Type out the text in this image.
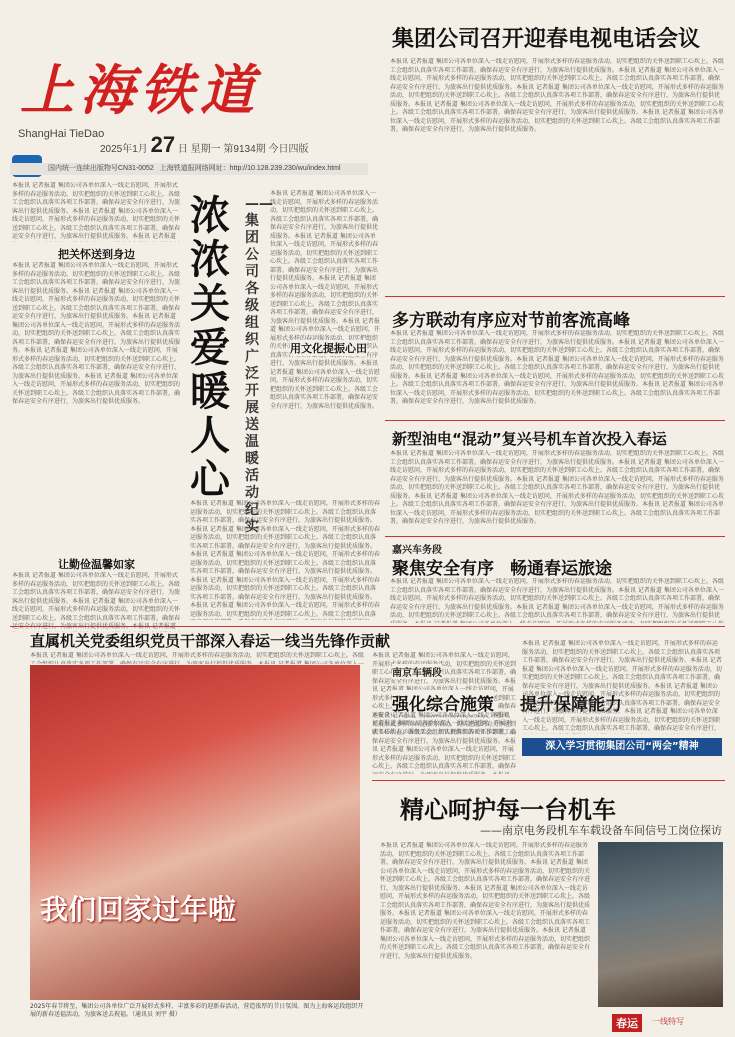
上海铁道
ShangHai TieDao
2025年1月 27 日 星期一 第9134期 今日四版
国内统一连续出版物号CN31-0052 上海铁道报网络网址：http://10.128.239.230/wu/index.html
集团公司召开迎春电视电话会议
本报讯 记者报道 集团公司各单位深入一线走访慰问，开展形式多样的春运服务活动，切实把组织的关怀送到职工心坎上。各级工会组织认真落实各项工作部署，确保春运安全有序进行，为旅客出行提供优质服务。本报讯 记者报道 集团公司各单位深入一线走访慰问，开展形式多样的春运服务活动，切实把组织的关怀送到职工心坎上。各级工会组织认真落实各项工作部署，确保春运安全有序进行，为旅客出行提供优质服务。本报讯 记者报道 集团公司各单位深入一线走访慰问，开展形式多样的春运服务活动，切实把组织的关怀送到职工心坎上。各级工会组织认真落实各项工作部署，确保春运安全有序进行，为旅客出行提供优质服务。本报讯 记者报道 集团公司各单位深入一线走访慰问，开展形式多样的春运服务活动，切实把组织的关怀送到职工心坎上。各级工会组织认真落实各项工作部署，确保春运安全有序进行，为旅客出行提供优质服务。本报讯 记者报道 集团公司各单位深入一线走访慰问，开展形式多样的春运服务活动，切实把组织的关怀送到职工心坎上。各级工会组织认真落实各项工作部署，确保春运安全有序进行，为旅客出行提供优质服务。
本报讯 记者报道 集团公司各单位深入一线走访慰问，开展形式多样的春运服务活动，切实把组织的关怀送到职工心坎上。各级工会组织认真落实各项工作部署，确保春运安全有序进行，为旅客出行提供优质服务。本报讯 记者报道 集团公司各单位深入一线走访慰问，开展形式多样的春运服务活动，切实把组织的关怀送到职工心坎上。各级工会组织认真落实各项工作部署，确保春运安全有序进行，为旅客出行提供优质服务。本报讯 记者报道 集团公司各单位深入一线走访慰问，开展形式多样的春运服务活动，切实把组织的关怀送到职工心坎上。各级工会组织认真落实各项工作部署，确保春运安全有序进行，为旅客出行提供优质服务。本报讯 记者报道 集团公司各单位深入一线走访慰问，开展形式多样的春运服务活动，切实把组织的关怀送到职工心坎上。各级工会组织认真落实各项工作部署，确保春运安全有序进行，为旅客出行提供优质服务。本报讯 记者报道 集团公司各单位深入一线走访慰问，开展形式多样的春运服务活动，切实把组织的关怀送到职工心坎上。各级工会组织认真落实各项工作部署，确保春运安全有序进行，为旅客出行提供优质服务。
把关怀送到身边
本报讯 记者报道 集团公司各单位深入一线走访慰问，开展形式多样的春运服务活动，切实把组织的关怀送到职工心坎上。各级工会组织认真落实各项工作部署，确保春运安全有序进行，为旅客出行提供优质服务。本报讯 记者报道 集团公司各单位深入一线走访慰问，开展形式多样的春运服务活动，切实把组织的关怀送到职工心坎上。各级工会组织认真落实各项工作部署，确保春运安全有序进行，为旅客出行提供优质服务。本报讯 记者报道 集团公司各单位深入一线走访慰问，开展形式多样的春运服务活动，切实把组织的关怀送到职工心坎上。各级工会组织认真落实各项工作部署，确保春运安全有序进行，为旅客出行提供优质服务。本报讯 记者报道 集团公司各单位深入一线走访慰问，开展形式多样的春运服务活动，切实把组织的关怀送到职工心坎上。各级工会组织认真落实各项工作部署，确保春运安全有序进行，为旅客出行提供优质服务。本报讯 记者报道 集团公司各单位深入一线走访慰问，开展形式多样的春运服务活动，切实把组织的关怀送到职工心坎上。各级工会组织认真落实各项工作部署，确保春运安全有序进行，为旅客出行提供优质服务。
让勤俭温馨如家
本报讯 记者报道 集团公司各单位深入一线走访慰问，开展形式多样的春运服务活动，切实把组织的关怀送到职工心坎上。各级工会组织认真落实各项工作部署，确保春运安全有序进行，为旅客出行提供优质服务。本报讯 记者报道 集团公司各单位深入一线走访慰问，开展形式多样的春运服务活动，切实把组织的关怀送到职工心坎上。各级工会组织认真落实各项工作部署，确保春运安全有序进行，为旅客出行提供优质服务。本报讯 记者报道 集团公司各单位深入一线走访慰问，开展形式多样的春运服务活动，切实把组织的关怀送到职工心坎上。各级工会组织认真落实各项工作部署，确保春运安全有序进行，为旅客出行提供优质服务。本报讯 记者报道 集团公司各单位深入一线走访慰问，开展形式多样的春运服务活动，切实把组织的关怀送到职工心坎上。各级工会组织认真落实各项工作部署，确保春运安全有序进行，为旅客出行提供优质服务。本报讯 记者报道 集团公司各单位深入一线走访慰问，开展形式多样的春运服务活动，切实把组织的关怀送到职工心坎上。各级工会组织认真落实各项工作部署，确保春运安全有序进行，为旅客出行提供优质服务。
浓浓关爱暖人心
——集团公司各级组织广泛开展送温暖活动纪实
本报讯 记者报道 集团公司各单位深入一线走访慰问，开展形式多样的春运服务活动，切实把组织的关怀送到职工心坎上。各级工会组织认真落实各项工作部署，确保春运安全有序进行，为旅客出行提供优质服务。本报讯 记者报道 集团公司各单位深入一线走访慰问，开展形式多样的春运服务活动，切实把组织的关怀送到职工心坎上。各级工会组织认真落实各项工作部署，确保春运安全有序进行，为旅客出行提供优质服务。本报讯 记者报道 集团公司各单位深入一线走访慰问，开展形式多样的春运服务活动，切实把组织的关怀送到职工心坎上。各级工会组织认真落实各项工作部署，确保春运安全有序进行，为旅客出行提供优质服务。本报讯 记者报道 集团公司各单位深入一线走访慰问，开展形式多样的春运服务活动，切实把组织的关怀送到职工心坎上。各级工会组织认真落实各项工作部署，确保春运安全有序进行，为旅客出行提供优质服务。本报讯 记者报道 集团公司各单位深入一线走访慰问，开展形式多样的春运服务活动，切实把组织的关怀送到职工心坎上。各级工会组织认真落实各项工作部署，确保春运安全有序进行，为旅客出行提供优质服务。
用文化提振心田
本报讯 记者报道 集团公司各单位深入一线走访慰问，开展形式多样的春运服务活动，切实把组织的关怀送到职工心坎上。各级工会组织认真落实各项工作部署，确保春运安全有序进行，为旅客出行提供优质服务。本报讯 记者报道 集团公司各单位深入一线走访慰问，开展形式多样的春运服务活动，切实把组织的关怀送到职工心坎上。各级工会组织认真落实各项工作部署，确保春运安全有序进行，为旅客出行提供优质服务。本报讯 记者报道 集团公司各单位深入一线走访慰问，开展形式多样的春运服务活动，切实把组织的关怀送到职工心坎上。各级工会组织认真落实各项工作部署，确保春运安全有序进行，为旅客出行提供优质服务。本报讯 记者报道 集团公司各单位深入一线走访慰问，开展形式多样的春运服务活动，切实把组织的关怀送到职工心坎上。各级工会组织认真落实各项工作部署，确保春运安全有序进行，为旅客出行提供优质服务。本报讯 记者报道 集团公司各单位深入一线走访慰问，开展形式多样的春运服务活动，切实把组织的关怀送到职工心坎上。各级工会组织认真落实各项工作部署，确保春运安全有序进行，为旅客出行提供优质服务。
多方联动有序应对节前客流高峰
本报讯 记者报道 集团公司各单位深入一线走访慰问，开展形式多样的春运服务活动，切实把组织的关怀送到职工心坎上。各级工会组织认真落实各项工作部署，确保春运安全有序进行，为旅客出行提供优质服务。本报讯 记者报道 集团公司各单位深入一线走访慰问，开展形式多样的春运服务活动，切实把组织的关怀送到职工心坎上。各级工会组织认真落实各项工作部署，确保春运安全有序进行，为旅客出行提供优质服务。本报讯 记者报道 集团公司各单位深入一线走访慰问，开展形式多样的春运服务活动，切实把组织的关怀送到职工心坎上。各级工会组织认真落实各项工作部署，确保春运安全有序进行，为旅客出行提供优质服务。本报讯 记者报道 集团公司各单位深入一线走访慰问，开展形式多样的春运服务活动，切实把组织的关怀送到职工心坎上。各级工会组织认真落实各项工作部署，确保春运安全有序进行，为旅客出行提供优质服务。本报讯 记者报道 集团公司各单位深入一线走访慰问，开展形式多样的春运服务活动，切实把组织的关怀送到职工心坎上。各级工会组织认真落实各项工作部署，确保春运安全有序进行，为旅客出行提供优质服务。
新型油电“混动”复兴号机车首次投入春运
本报讯 记者报道 集团公司各单位深入一线走访慰问，开展形式多样的春运服务活动，切实把组织的关怀送到职工心坎上。各级工会组织认真落实各项工作部署，确保春运安全有序进行，为旅客出行提供优质服务。本报讯 记者报道 集团公司各单位深入一线走访慰问，开展形式多样的春运服务活动，切实把组织的关怀送到职工心坎上。各级工会组织认真落实各项工作部署，确保春运安全有序进行，为旅客出行提供优质服务。本报讯 记者报道 集团公司各单位深入一线走访慰问，开展形式多样的春运服务活动，切实把组织的关怀送到职工心坎上。各级工会组织认真落实各项工作部署，确保春运安全有序进行，为旅客出行提供优质服务。本报讯 记者报道 集团公司各单位深入一线走访慰问，开展形式多样的春运服务活动，切实把组织的关怀送到职工心坎上。各级工会组织认真落实各项工作部署，确保春运安全有序进行，为旅客出行提供优质服务。本报讯 记者报道 集团公司各单位深入一线走访慰问，开展形式多样的春运服务活动，切实把组织的关怀送到职工心坎上。各级工会组织认真落实各项工作部署，确保春运安全有序进行，为旅客出行提供优质服务。
嘉兴车务段
聚焦安全有序 畅通春运旅途
本报讯 记者报道 集团公司各单位深入一线走访慰问，开展形式多样的春运服务活动，切实把组织的关怀送到职工心坎上。各级工会组织认真落实各项工作部署，确保春运安全有序进行，为旅客出行提供优质服务。本报讯 记者报道 集团公司各单位深入一线走访慰问，开展形式多样的春运服务活动，切实把组织的关怀送到职工心坎上。各级工会组织认真落实各项工作部署，确保春运安全有序进行，为旅客出行提供优质服务。本报讯 记者报道 集团公司各单位深入一线走访慰问，开展形式多样的春运服务活动，切实把组织的关怀送到职工心坎上。各级工会组织认真落实各项工作部署，确保春运安全有序进行，为旅客出行提供优质服务。本报讯 记者报道 集团公司各单位深入一线走访慰问，开展形式多样的春运服务活动，切实把组织的关怀送到职工心坎上。各级工会组织认真落实各项工作部署，确保春运安全有序进行，为旅客出行提供优质服务。本报讯 记者报道 集团公司各单位深入一线走访慰问，开展形式多样的春运服务活动，切实把组织的关怀送到职工心坎上。各级工会组织认真落实各项工作部署，确保春运安全有序进行，为旅客出行提供优质服务。
直属机关党委组织党员干部深入春运一线当先锋作贡献
本报讯 记者报道 集团公司各单位深入一线走访慰问，开展形式多样的春运服务活动，切实把组织的关怀送到职工心坎上。各级工会组织认真落实各项工作部署，确保春运安全有序进行，为旅客出行提供优质服务。本报讯 记者报道 集团公司各单位深入一线走访慰问，开展形式多样的春运服务活动，切实把组织的关怀送到职工心坎上。各级工会组织认真落实各项工作部署，确保春运安全有序进行，为旅客出行提供优质服务。本报讯 记者报道 集团公司各单位深入一线走访慰问，开展形式多样的春运服务活动，切实把组织的关怀送到职工心坎上。各级工会组织认真落实各项工作部署，确保春运安全有序进行，为旅客出行提供优质服务。本报讯 记者报道 集团公司各单位深入一线走访慰问，开展形式多样的春运服务活动，切实把组织的关怀送到职工心坎上。各级工会组织认真落实各项工作部署，确保春运安全有序进行，为旅客出行提供优质服务。本报讯 记者报道 集团公司各单位深入一线走访慰问，开展形式多样的春运服务活动，切实把组织的关怀送到职工心坎上。各级工会组织认真落实各项工作部署，确保春运安全有序进行，为旅客出行提供优质服务。
我们回家过年啦
2025年春节将至，集团公司各单位广泛开展形式多样、丰富多彩的迎新春活动，营造浓厚的节日氛围。图为上海客运段组织开展的新春送福活动，为旅客送去祝福。（通讯员 刘宇 摄）
本报讯 记者报道 集团公司各单位深入一线走访慰问，开展形式多样的春运服务活动，切实把组织的关怀送到职工心坎上。各级工会组织认真落实各项工作部署，确保春运安全有序进行，为旅客出行提供优质服务。本报讯 记者报道 集团公司各单位深入一线走访慰问，开展形式多样的春运服务活动，切实把组织的关怀送到职工心坎上。各级工会组织认真落实各项工作部署，确保春运安全有序进行，为旅客出行提供优质服务。本报讯 记者报道 集团公司各单位深入一线走访慰问，开展形式多样的春运服务活动，切实把组织的关怀送到职工心坎上。各级工会组织认真落实各项工作部署，确保春运安全有序进行，为旅客出行提供优质服务。本报讯 记者报道 集团公司各单位深入一线走访慰问，开展形式多样的春运服务活动，切实把组织的关怀送到职工心坎上。各级工会组织认真落实各项工作部署，确保春运安全有序进行，为旅客出行提供优质服务。本报讯 记者报道 集团公司各单位深入一线走访慰问，开展形式多样的春运服务活动，切实把组织的关怀送到职工心坎上。各级工会组织认真落实各项工作部署，确保春运安全有序进行，为旅客出行提供优质服务。
南京车辆段
强化综合施策 提升保障能力
本报讯 记者报道 集团公司各单位深入一线走访慰问，开展形式多样的春运服务活动，切实把组织的关怀送到职工心坎上。各级工会组织认真落实各项工作部署，确保春运安全有序进行，为旅客出行提供优质服务。本报讯 记者报道 集团公司各单位深入一线走访慰问，开展形式多样的春运服务活动，切实把组织的关怀送到职工心坎上。各级工会组织认真落实各项工作部署，确保春运安全有序进行，为旅客出行提供优质服务。本报讯 记者报道 集团公司各单位深入一线走访慰问，开展形式多样的春运服务活动，切实把组织的关怀送到职工心坎上。各级工会组织认真落实各项工作部署，确保春运安全有序进行，为旅客出行提供优质服务。本报讯 记者报道 集团公司各单位深入一线走访慰问，开展形式多样的春运服务活动，切实把组织的关怀送到职工心坎上。各级工会组织认真落实各项工作部署，确保春运安全有序进行，为旅客出行提供优质服务。本报讯 记者报道 集团公司各单位深入一线走访慰问，开展形式多样的春运服务活动，切实把组织的关怀送到职工心坎上。各级工会组织认真落实各项工作部署，确保春运安全有序进行，为旅客出行提供优质服务。
本报讯 记者报道 集团公司各单位深入一线走访慰问，开展形式多样的春运服务活动，切实把组织的关怀送到职工心坎上。各级工会组织认真落实各项工作部署，确保春运安全有序进行，为旅客出行提供优质服务。本报讯 记者报道 集团公司各单位深入一线走访慰问，开展形式多样的春运服务活动，切实把组织的关怀送到职工心坎上。各级工会组织认真落实各项工作部署，确保春运安全有序进行，为旅客出行提供优质服务。本报讯 记者报道 集团公司各单位深入一线走访慰问，开展形式多样的春运服务活动，切实把组织的关怀送到职工心坎上。各级工会组织认真落实各项工作部署，确保春运安全有序进行，为旅客出行提供优质服务。本报讯 记者报道 集团公司各单位深入一线走访慰问，开展形式多样的春运服务活动，切实把组织的关怀送到职工心坎上。各级工会组织认真落实各项工作部署，确保春运安全有序进行，为旅客出行提供优质服务。本报讯 记者报道 集团公司各单位深入一线走访慰问，开展形式多样的春运服务活动，切实把组织的关怀送到职工心坎上。各级工会组织认真落实各项工作部署，确保春运安全有序进行，为旅客出行提供优质服务。
深入学习贯彻集团公司“两会”精神
精心呵护每一台机车
——南京电务段机车车载设备车间信号工岗位探访
本报讯 记者报道 集团公司各单位深入一线走访慰问，开展形式多样的春运服务活动，切实把组织的关怀送到职工心坎上。各级工会组织认真落实各项工作部署，确保春运安全有序进行，为旅客出行提供优质服务。本报讯 记者报道 集团公司各单位深入一线走访慰问，开展形式多样的春运服务活动，切实把组织的关怀送到职工心坎上。各级工会组织认真落实各项工作部署，确保春运安全有序进行，为旅客出行提供优质服务。本报讯 记者报道 集团公司各单位深入一线走访慰问，开展形式多样的春运服务活动，切实把组织的关怀送到职工心坎上。各级工会组织认真落实各项工作部署，确保春运安全有序进行，为旅客出行提供优质服务。本报讯 记者报道 集团公司各单位深入一线走访慰问，开展形式多样的春运服务活动，切实把组织的关怀送到职工心坎上。各级工会组织认真落实各项工作部署，确保春运安全有序进行，为旅客出行提供优质服务。本报讯 记者报道 集团公司各单位深入一线走访慰问，开展形式多样的春运服务活动，切实把组织的关怀送到职工心坎上。各级工会组织认真落实各项工作部署，确保春运安全有序进行，为旅客出行提供优质服务。
春运	一线特写
